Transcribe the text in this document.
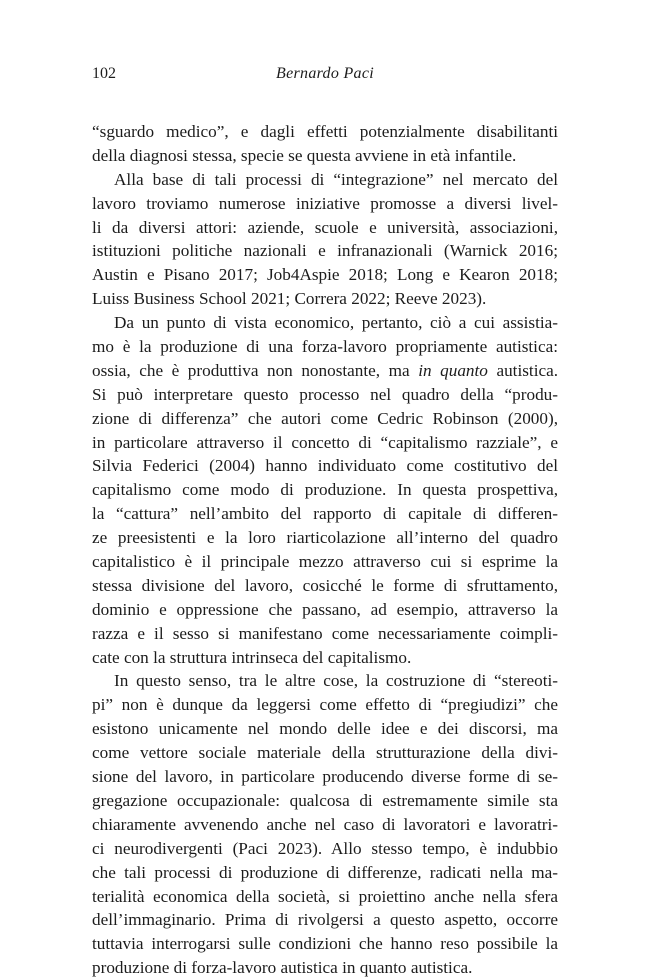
102	Bernardo Paci
“sguardo medico”, e dagli effetti potenzialmente disabilitanti
della diagnosi stessa, specie se questa avviene in età infantile.
Alla base di tali processi di “integrazione” nel mercato del
lavoro troviamo numerose iniziative promosse a diversi livel-
li da diversi attori: aziende, scuole e università, associazioni,
istituzioni politiche nazionali e infranazionali (Warnick 2016;
Austin e Pisano 2017; Job4Aspie 2018; Long e Kearon 2018;
Luiss Business School 2021; Correra 2022; Reeve 2023).
Da un punto di vista economico, pertanto, ciò a cui assistia-
mo è la produzione di una forza-lavoro propriamente autistica:
ossia, che è produttiva non nonostante, ma in quanto autistica.
Si può interpretare questo processo nel quadro della “produ-
zione di differenza” che autori come Cedric Robinson (2000),
in particolare attraverso il concetto di “capitalismo razziale”, e
Silvia Federici (2004) hanno individuato come costitutivo del
capitalismo come modo di produzione. In questa prospettiva,
la “cattura” nell’ambito del rapporto di capitale di differen-
ze preesistenti e la loro riarticolazione all’interno del quadro
capitalistico è il principale mezzo attraverso cui si esprime la
stessa divisione del lavoro, cosicché le forme di sfruttamento,
dominio e oppressione che passano, ad esempio, attraverso la
razza e il sesso si manifestano come necessariamente coimpli-
cate con la struttura intrinseca del capitalismo.
In questo senso, tra le altre cose, la costruzione di “stereoti-
pi” non è dunque da leggersi come effetto di “pregiudizi” che
esistono unicamente nel mondo delle idee e dei discorsi, ma
come vettore sociale materiale della strutturazione della divi-
sione del lavoro, in particolare producendo diverse forme di se-
gregazione occupazionale: qualcosa di estremamente simile sta
chiaramente avvenendo anche nel caso di lavoratori e lavoratri-
ci neurodivergenti (Paci 2023). Allo stesso tempo, è indubbio
che tali processi di produzione di differenze, radicati nella ma-
terialità economica della società, si proiettino anche nella sfera
dell’immaginario. Prima di rivolgersi a questo aspetto, occorre
tuttavia interrogarsi sulle condizioni che hanno reso possibile la
produzione di forza-lavoro autistica in quanto autistica.
